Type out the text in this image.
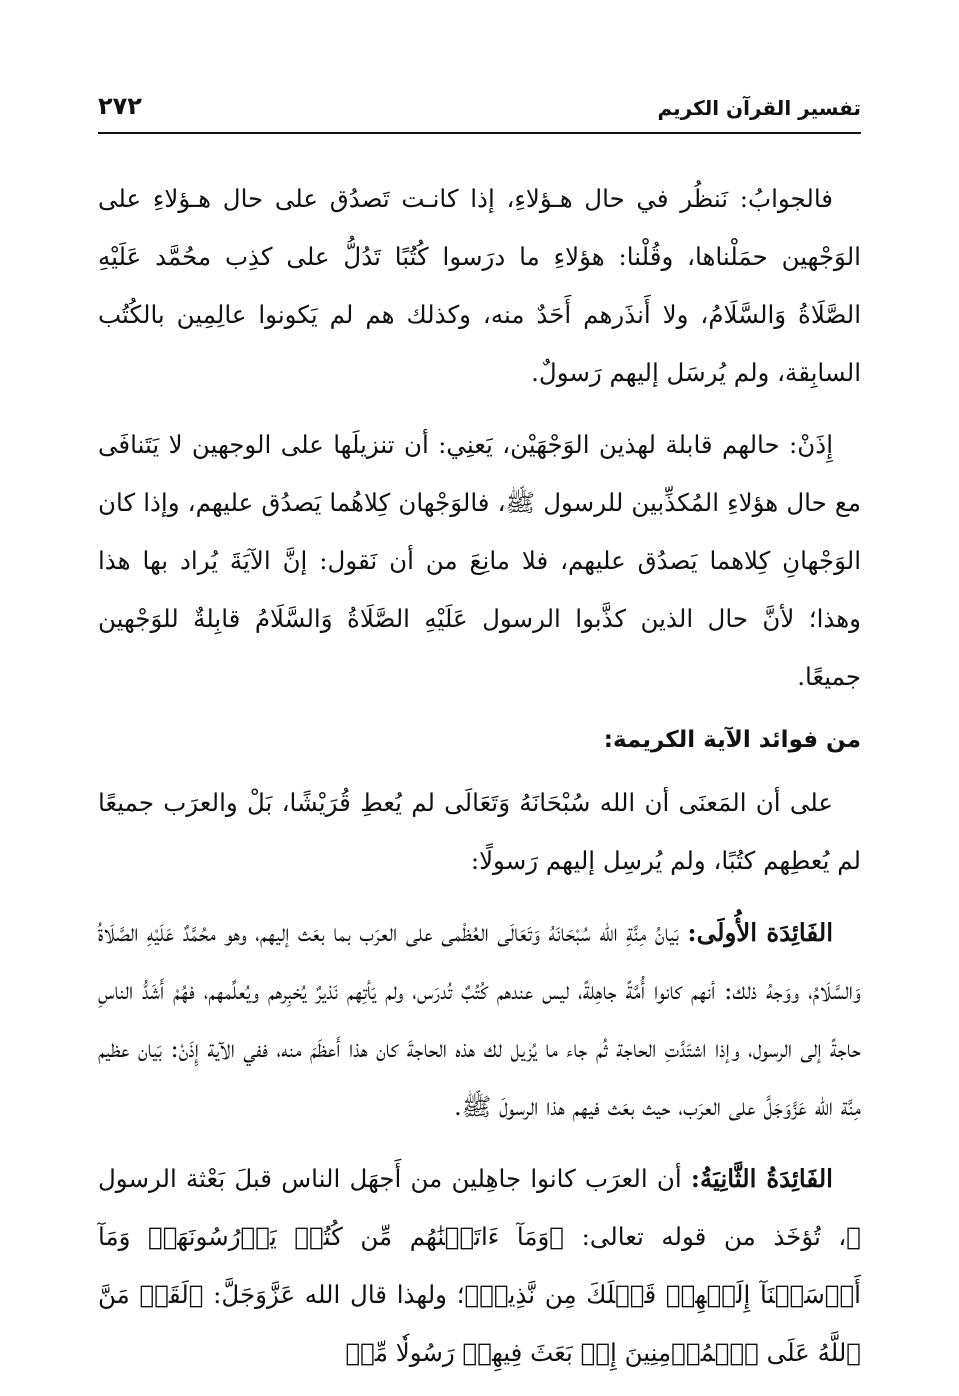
تفسير القرآن الكريم
٢٧٢

فالجوابُ: نَنظُر في حال هـؤلاءِ، إذا كانـت تَصدُق على حال هـؤلاءِ على الوَجْهين حمَلْناها، وقُلْنا: هؤلاءِ ما درَسوا كُتُبًا تَدُلُّ على كذِب محُمَّد عَلَيْهِ الصَّلَاةُ وَالسَّلَامُ، ولا أَنذَرهم أَحَدٌ منه، وكذلك هم لم يَكونوا عالِمِين بالكُتُب السابِقة، ولم يُرسَل إليهم رَسولٌ.

إِذَنْ: حالهم قابلة لهذين الوَجْهَيْن، يَعنِي: أن تنزيلَها على الوجهين لا يَتَنافَى مع حال هؤلاءِ المُكذِّبين للرسول ﷺ، فالوَجْهان كِلاهُما يَصدُق عليهم، وإذا كان الوَجْهانِ كِلاهما يَصدُق عليهم، فلا مانِعَ من أن نَقول: إنَّ الآيَةَ يُراد بها هذا وهذا؛ لأنَّ حال الذين كذَّبوا الرسول عَلَيْهِ الصَّلَاةُ وَالسَّلَامُ قابِلةٌ للوَجْهين جميعًا.

من فوائد الآية الكريمة:

على أن المَعنَى أن الله سُبْحَانَهُ وَتَعَالَى لم يُعطِ قُرَيْشًا، بَلْ والعرَب جميعًا لم يُعطِهم كتُبًا، ولم يُرسِل إليهم رَسولًا:

الفَائِدَة الأُولَى: بَيانُ مِنَّةِ الله سُبْحَانَهُ وَتَعَالَى العُظْمى على العرَب بما بعَث إليهم، وهو محُمَّدٌ عَلَيْهِ الصَّلَاةُ وَالسَّلَامُ، ووَجهُ ذلك: أنهم كانوا أُمَّةً جاهِلةً، ليس عندهم كُتُبٌ تُدرَس، ولم يَأتِهم نَذيرٌ يُخبِرهم ويُعلِّمهم، فهُمْ أَشَدُّ الناسِ حاجةً إلى الرسول، وإذا اشتَدَّتِ الحاجة ثُم جاء ما يُزيل لك هذه الحاجةَ كان هذا أَعظَمَ منه، ففي الآية إِذَنْ: بَيان عظيم مِنَّة الله عَزَّوَجَلَّ على العرَب، حيث بعَث فيهم هذا الرسولَ ﷺ.

الفَائِدَةُ الثَّانِيَةُ: أن العرَب كانوا جاهِلين من أَجهَل الناس قبلَ بَعْثة الرسول ﷺ، تُؤخَذ من قوله تعالى: ﴿وَمَآ ءَاتَيۡنَٰهُم مِّن كُتُبٖ يَدۡرُسُونَهَاۖ وَمَآ أَرۡسَلۡنَآ إِلَيۡهِمۡ قَبۡلَكَ مِن نَّذِيرٖ﴾؛ ولهذا قال الله عَزَّوَجَلَّ: ﴿لَقَدۡ مَنَّ ٱللَّهُ عَلَى ٱلۡمُؤۡمِنِينَ إِذۡ بَعَثَ فِيهِمۡ رَسُولٗا مِّنۡ
